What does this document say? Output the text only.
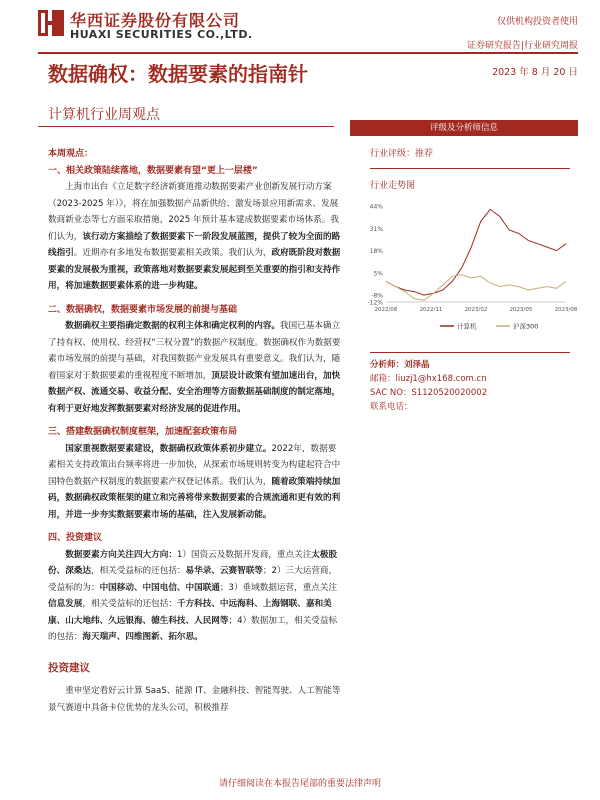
华西证券股份有限公司
HUAXI SECURITIES CO.,LTD.
仅供机构投资者使用
证券研究报告|行业研究周报
数据确权：数据要素的指南针	2023 年 8 月 20 日
计算机行业周观点

本周观点：

一、相关政策陆续落地，数据要素有望“更上一层楼”

上海市出台《立足数字经济新赛道推动数据要素产业创新发展行动方案（2023-2025 年）》，将在加强数据产品新供给、激发场景应用新需求、发展数商新业态等七方面采取措施，2025 年预计基本建成数据要素市场体系。我们认为，该行动方案描绘了数据要素下一阶段发展蓝图，提供了较为全面的路线指引。近期亦有多地发布数据要素相关政策。我们认为，政府既阶段对数据要素的发展极为重视，政策落地对数据要素发展起到至关重要的指引和支持作用，将加速数据要素体系的进一步构建。

二、数据确权，数据要素市场发展的前提与基础

数据确权主要指确定数据的权利主体和确定权利的内容。我国已基本确立了持有权、使用权、经营权“三权分置”的数据产权制度。数据确权作为数据要素市场发展的前提与基础，对我国数据产业发展具有重要意义。我们认为，随着国家对于数据要素的重视程度不断增加，顶层设计政策有望加速出台，加快数据产权、流通交易、收益分配、安全治理等方面数据基础制度的制定落地，有利于更好地发挥数据要素对经济发展的促进作用。

三、搭建数据确权制度框架，加速配套政策布局

国家重视数据要素建设，数据确权政策体系初步建立。2022年，数据要素相关支持政策出台频率将进一步加快，从探索市场规则转变为构建起符合中国特色数据产权制度的数据要素产权登记体系。我们认为，随着政策端持续加码，数据确权政策框架的建立和完善将带来数据要素的合规流通和更有效的利用，并进一步夯实数据要素市场的基础，注入发展新动能。

四、投资建议

数据要素方向关注四大方向：1）国资云及数据开发商，重点关注太极股份、深桑达，相关受益标的还包括：易华录、云赛智联等；2）三大运营商，受益标的为：中国移动、中国电信、中国联通；3）垂域数据运营，重点关注信息发展，相关受益标的还包括：千方科技、中远海科、上海钢联、嘉和美康、山大地纬、久远银海、德生科技、人民网等；4）数据加工，相关受益标的包括：海天瑞声、四维图新、拓尔思。

投资建议

重申坚定看好云计算 SaaS、能源 IT、金融科技、智能驾驶、人工智能等景气赛道中具备卡位优势的龙头公司，积极推荐

评级及分析师信息
行业评级：推荐
行业走势图
44%
31%
18%
5%
-8%
-12%
2022/08	2022/11	2023/02	2023/05	2023/08
计算机	沪深300
分析师：刘泽晶
邮箱：liuzj1@hx168.com.cn
SAC NO：S1120520020002
联系电话：
请仔细阅读在本报告尾部的重要法律声明
